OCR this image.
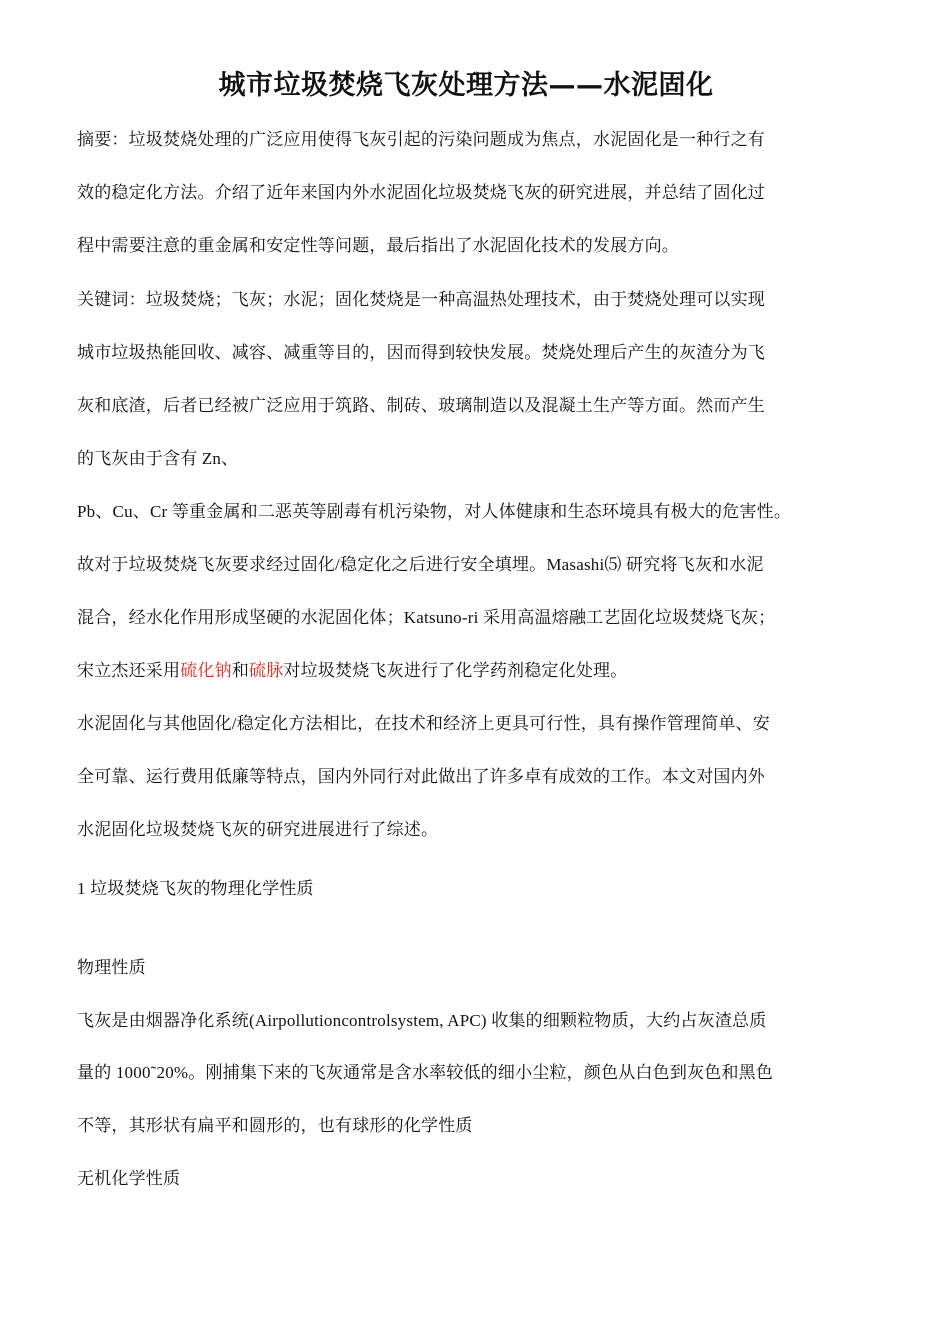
城市垃圾焚烧飞灰处理方法——水泥固化
摘要：垃圾焚烧处理的广泛应用使得飞灰引起的污染问题成为焦点，水泥固化是一种行之有
效的稳定化方法。介绍了近年来国内外水泥固化垃圾焚烧飞灰的研究进展，并总结了固化过
程中需要注意的重金属和安定性等问题，最后指出了水泥固化技术的发展方向。
关键词：垃圾焚烧；飞灰；水泥；固化焚烧是一种高温热处理技术，由于焚烧处理可以实现
城市垃圾热能回收、减容、减重等目的，因而得到较快发展。焚烧处理后产生的灰渣分为飞
灰和底渣，后者已经被广泛应用于筑路、制砖、玻璃制造以及混凝土生产等方面。然而产生
的飞灰由于含有 Zn、
Pb、Cu、Cr 等重金属和二恶英等剧毒有机污染物，对人体健康和生态环境具有极大的危害性。
故对于垃圾焚烧飞灰要求经过固化/稳定化之后进行安全填埋。Masashi⑸ 研究将飞灰和水泥
混合，经水化作用形成坚硬的水泥固化体；Katsuno-ri 采用高温熔融工艺固化垃圾焚烧飞灰；
宋立杰还采用硫化钠和硫脉对垃圾焚烧飞灰进行了化学药剂稳定化处理。
水泥固化与其他固化/稳定化方法相比，在技术和经济上更具可行性，具有操作管理简单、安
全可靠、运行费用低廉等特点，国内外同行对此做出了许多卓有成效的工作。本文对国内外
水泥固化垃圾焚烧飞灰的研究进展进行了综述。
1 垃圾焚烧飞灰的物理化学性质
物理性质
飞灰是由烟器净化系统(Airpollutioncontrolsystem, APC) 收集的细颗粒物质，大约占灰渣总质
量的 1000˜20%。刚捕集下来的飞灰通常是含水率较低的细小尘粒，颜色从白色到灰色和黑色
不等，其形状有扁平和圆形的，也有球形的化学性质
无机化学性质
